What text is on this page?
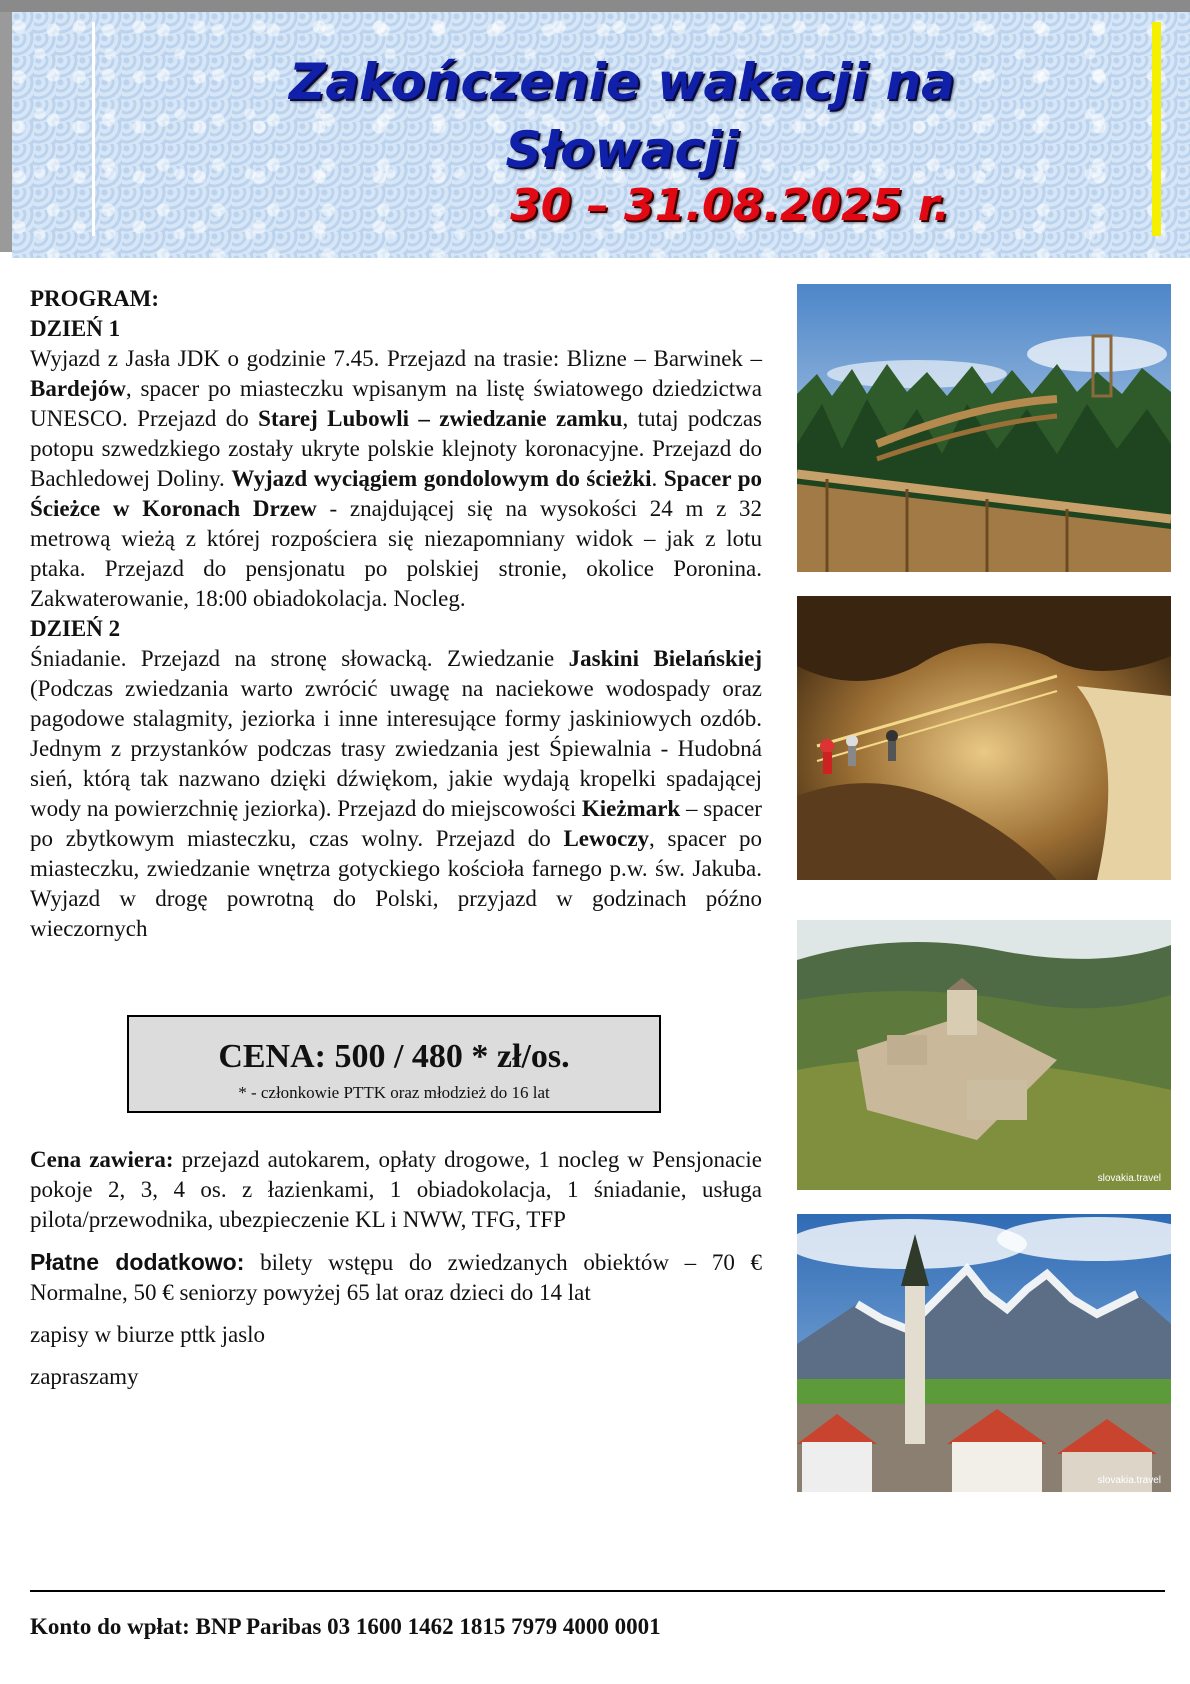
Zakończenie wakacji na
Słowacji

30 – 31.08.2025 r.

PROGRAM:

DZIEŃ 1

Wyjazd z Jasła JDK o godzinie 7.45. Przejazd na trasie: Blizne – Barwinek – Bardejów, spacer po miasteczku wpisanym na listę światowego dziedzictwa UNESCO. Przejazd do Starej Lubowli – zwiedzanie zamku, tutaj podczas potopu szwedzkiego zostały ukryte polskie klejnoty koronacyjne. Przejazd do Bachledowej Doliny. Wyjazd wyciągiem gondolowym do ścieżki. Spacer po Ścieżce w Koronach Drzew - znajdującej się na wysokości 24 m z 32 metrową wieżą z której rozpościera się niezapomniany widok – jak z lotu ptaka. Przejazd do pensjonatu po polskiej stronie, okolice Poronina. Zakwaterowanie, 18:00 obiadokolacja. Nocleg.

DZIEŃ 2

Śniadanie. Przejazd na stronę słowacką. Zwiedzanie Jaskini Bielańskiej (Podczas zwiedzania warto zwrócić uwagę na naciekowe wodospady oraz pagodowe stalagmity, jeziorka i inne interesujące formy jaskiniowych ozdób. Jednym z przystanków podczas trasy zwiedzania jest Śpiewalnia - Hudobná sień, którą tak nazwano dzięki dźwiękom, jakie wydają kropelki spadającej wody na powierzchnię jeziorka). Przejazd do miejscowości Kieżmark – spacer po zbytkowym miasteczku, czas wolny. Przejazd do Lewoczy, spacer po miasteczku, zwiedzanie wnętrza gotyckiego kościoła farnego p.w. św. Jakuba. Wyjazd w drogę powrotną do Polski, przyjazd w godzinach późno wieczornych

CENA: 500 / 480 * zł/os.
* - członkowie PTTK oraz młodzież do 16 lat

Cena zawiera: przejazd autokarem, opłaty drogowe, 1 nocleg w Pensjonacie pokoje 2, 3, 4 os. z łazienkami, 1 obiadokolacja, 1 śniadanie, usługa pilota/przewodnika, ubezpieczenie KL i NWW, TFG, TFP

Płatne dodatkowo: bilety wstępu do zwiedzanych obiektów – 70 € Normalne, 50 € seniorzy powyżej 65 lat oraz dzieci do 14 lat

zapisy w biurze pttk jaslo

zapraszamy

slovakia.travel
slovakia.travel

Konto do wpłat: BNP Paribas 03 1600 1462 1815 7979 4000 0001
